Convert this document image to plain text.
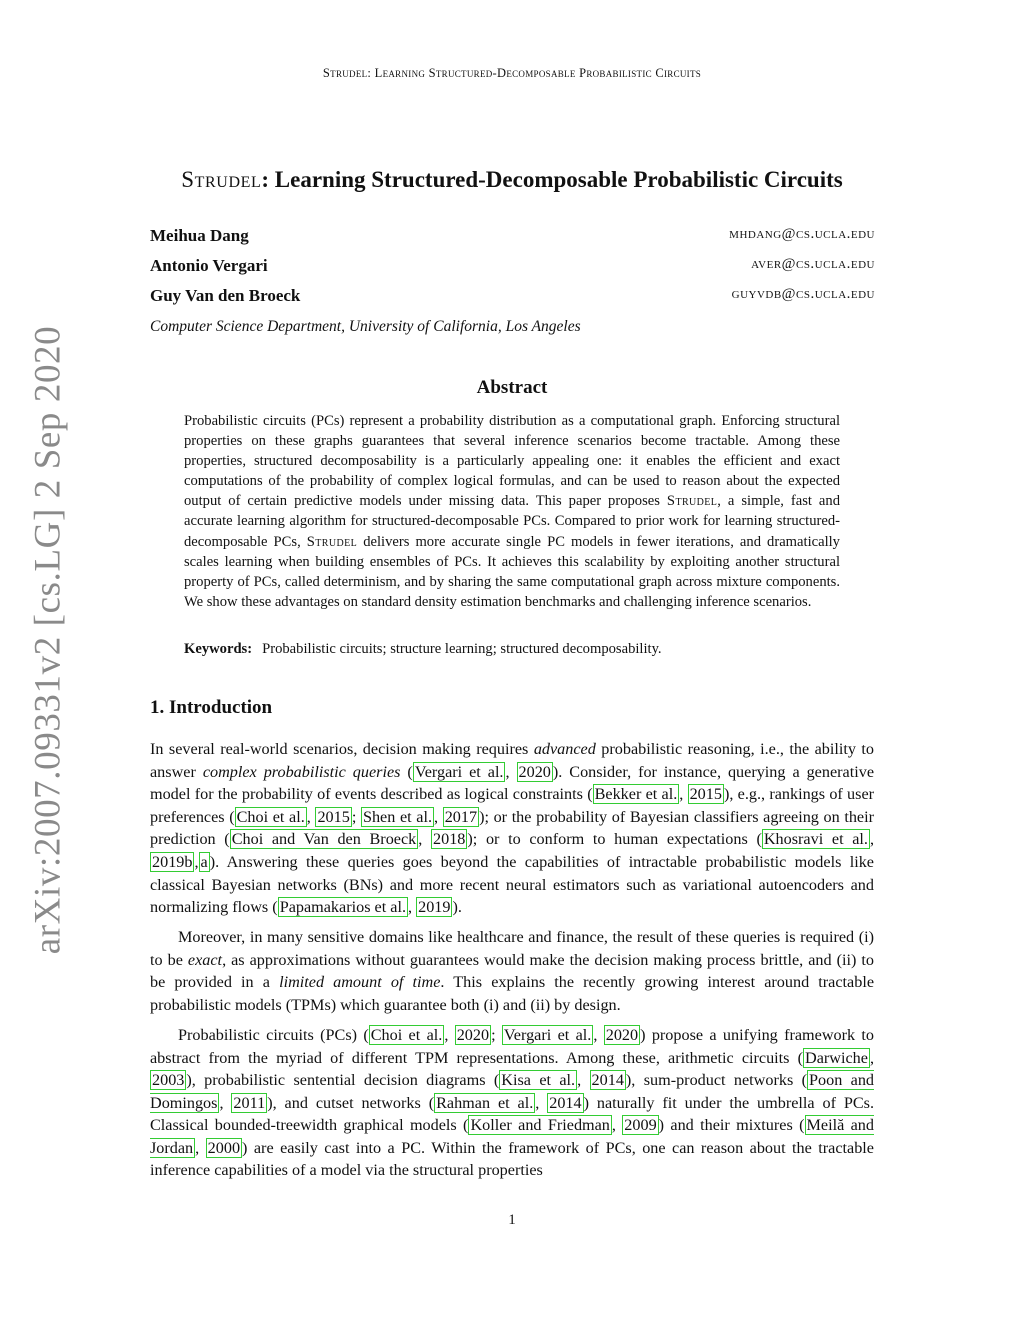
Strudel: Learning Structured-Decomposable Probabilistic Circuits
arXiv:2007.09331v2 [cs.LG] 2 Sep 2020
Strudel: Learning Structured-Decomposable Probabilistic Circuits
Meihua Dang	mhdang@cs.ucla.edu
Antonio Vergari	aver@cs.ucla.edu
Guy Van den Broeck	guyvdb@cs.ucla.edu
Computer Science Department, University of California, Los Angeles
Abstract
Probabilistic circuits (PCs) represent a probability distribution as a computational graph. Enforcing structural properties on these graphs guarantees that several inference scenarios become tractable. Among these properties, structured decomposability is a particularly appealing one: it enables the efficient and exact computations of the probability of complex logical formulas, and can be used to reason about the expected output of certain predictive models under missing data. This paper proposes Strudel, a simple, fast and accurate learning algorithm for structured-decomposable PCs. Compared to prior work for learning structured-decomposable PCs, Strudel delivers more accurate single PC models in fewer iterations, and dramatically scales learning when building ensembles of PCs. It achieves this scalability by exploiting another structural property of PCs, called determinism, and by sharing the same computational graph across mixture components. We show these advantages on standard density estimation benchmarks and challenging inference scenarios.
Keywords: Probabilistic circuits; structure learning; structured decomposability.
1. Introduction

In several real-world scenarios, decision making requires advanced probabilistic reasoning, i.e., the ability to answer complex probabilistic queries ( Vergari et al. , 2020 ). Consider, for instance, querying a generative model for the probability of events described as logical constraints ( Bekker et al. , 2015 ), e.g., rankings of user preferences ( Choi et al. , 2015 ; Shen et al. , 2017 ); or the probability of Bayesian classifiers agreeing on their prediction ( Choi and Van den Broeck , 2018 ); or to conform to human expectations ( Khosravi et al. , 2019b , a ). Answering these queries goes beyond the capabilities of intractable probabilistic models like classical Bayesian networks (BNs) and more recent neural estimators such as variational autoencoders and normalizing flows ( Papamakarios et al. , 2019 ).

Moreover, in many sensitive domains like healthcare and finance, the result of these queries is required (i) to be exact, as approximations without guarantees would make the decision making process brittle, and (ii) to be provided in a limited amount of time. This explains the recently growing interest around tractable probabilistic models (TPMs) which guarantee both (i) and (ii) by design.

Probabilistic circuits (PCs) ( Choi et al. , 2020 ; Vergari et al. , 2020 ) propose a unifying framework to abstract from the myriad of different TPM representations. Among these, arithmetic circuits ( Darwiche , 2003 ), probabilistic sentential decision diagrams ( Kisa et al. , 2014 ), sum-product networks ( Poon and Domingos , 2011 ), and cutset networks ( Rahman et al. , 2014 ) naturally fit under the umbrella of PCs. Classical bounded-treewidth graphical models ( Koller and Friedman , 2009 ) and their mixtures ( Meilă and Jordan , 2000 ) are easily cast into a PC. Within the framework of PCs, one can reason about the tractable inference capabilities of a model via the structural properties

1
